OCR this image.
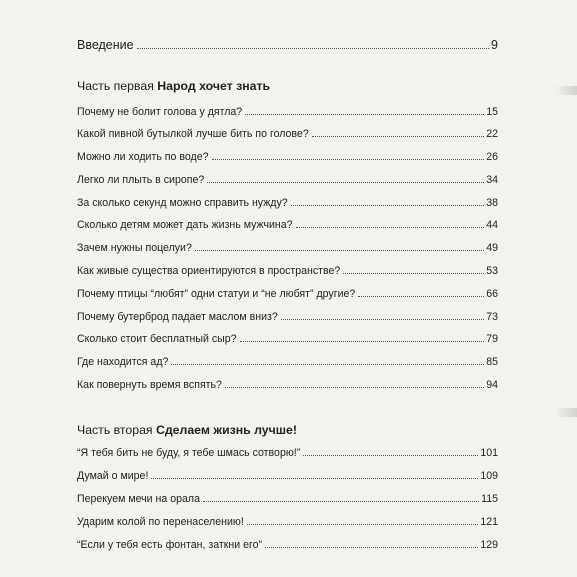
Введение	9
Часть первая Народ хочет знать
Почему не болит голова у дятла?	15
Какой пивной бутылкой лучше бить по голове?	22
Можно ли ходить по воде?	26
Легко ли плыть в сиропе?	34
За сколько секунд можно справить нужду?	38
Сколько детям может дать жизнь мужчина?	44
Зачем нужны поцелуи?	49
Как живые существа ориентируются в пространстве?	53
Почему птицы “любят” одни статуи и “не любят” другие?	66
Почему бутерброд падает маслом вниз?	73
Сколько стоит бесплатный сыр?	79
Где находится ад?	85
Как повернуть время вспять?	94
Часть вторая Сделаем жизнь лучше!
“Я тебя бить не буду, я тебе шмась сотворю!”	101
Думай о мире!	109
Перекуем мечи на орала	115
Ударим колой по перенаселению!	121
“Если у тебя есть фонтан, заткни его”	129
